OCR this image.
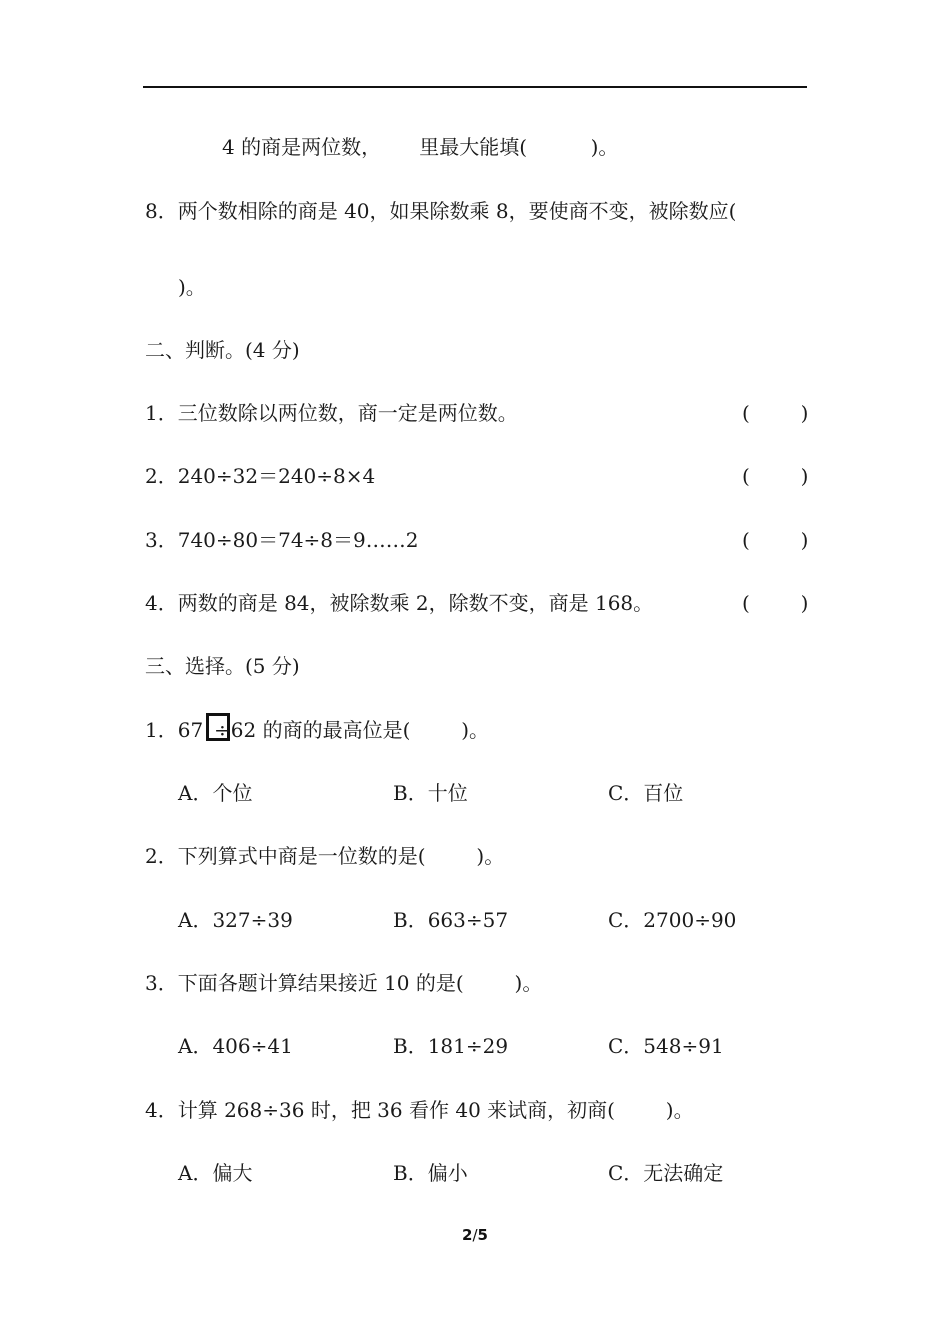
4 的商是两位数，      里最大能填(          )。
8．两个数相除的商是 40，如果除数乘 8，要使商不变，被除数应(
)。
二、判断。(4 分)
1．三位数除以两位数，商一定是两位数。	(        )
2．240÷32＝240÷8×4	(        )
3．740÷80＝74÷8＝9……2	(        )
4．两数的商是 84，被除数乘 2，除数不变，商是 168。	(        )
三、选择。(5 分)
1．67 ÷62 的商的最高位是(        )。
A．个位	B．十位	C．百位
2．下列算式中商是一位数的是(        )。
A．327÷39	B．663÷57	C．2700÷90
3．下面各题计算结果接近 10 的是(        )。
A．406÷41	B．181÷29	C．548÷91
4．计算 268÷36 时，把 36 看作 40 来试商，初商(        )。
A．偏大	B．偏小	C．无法确定
2/5
